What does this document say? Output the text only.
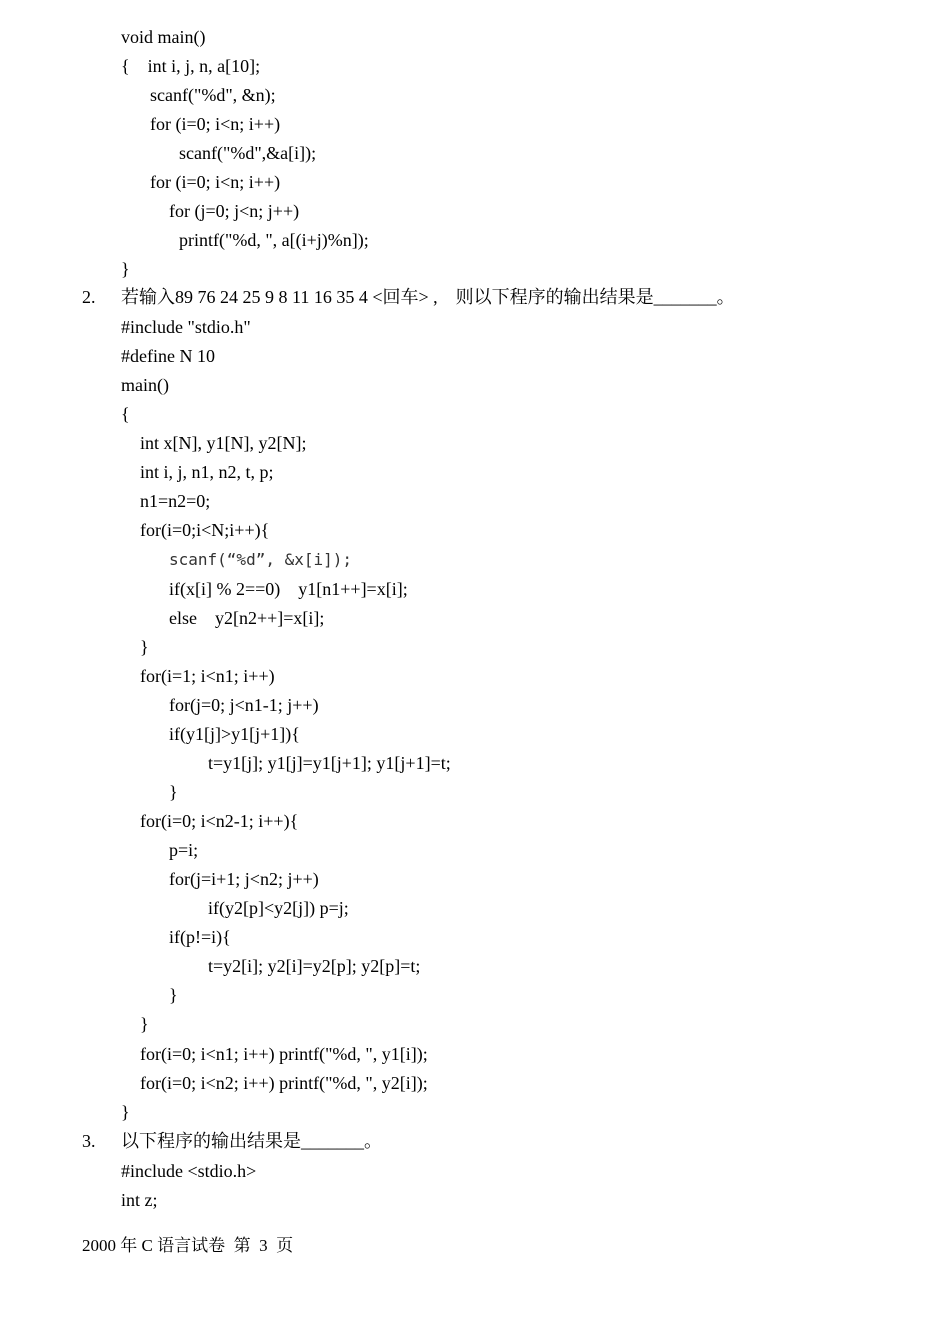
void main()
{    int i, j, n, a[10];
scanf("%d", &n);
for (i=0; i<n; i++)
scanf("%d",&a[i]);
for (i=0; i<n; i++)
for (j=0; j<n; j++)
printf("%d, ", a[(i+j)%n]);
}
2. 若输入89 76 24 25 9 8 11 16 35 4 <回车> ,    则以下程序的输出结果是_______。
#include "stdio.h"
#define N 10
main()
{
int x[N], y1[N], y2[N];
int i, j, n1, n2, t, p;
n1=n2=0;
for(i=0;i<N;i++){
scanf(“%d”, &x[i]);
if(x[i] % 2==0)    y1[n1++]=x[i];
else    y2[n2++]=x[i];
}
for(i=1; i<n1; i++)
for(j=0; j<n1-1; j++)
if(y1[j]>y1[j+1]){
t=y1[j]; y1[j]=y1[j+1]; y1[j+1]=t;
}
for(i=0; i<n2-1; i++){
p=i;
for(j=i+1; j<n2; j++)
if(y2[p]<y2[j]) p=j;
if(p!=i){
t=y2[i]; y2[i]=y2[p]; y2[p]=t;
}
}
for(i=0; i<n1; i++) printf("%d, ", y1[i]);
for(i=0; i<n2; i++) printf("%d, ", y2[i]);
}
3. 以下程序的输出结果是_______。
#include <stdio.h>
int z;
2000 年 C 语言试卷  第  3  页
